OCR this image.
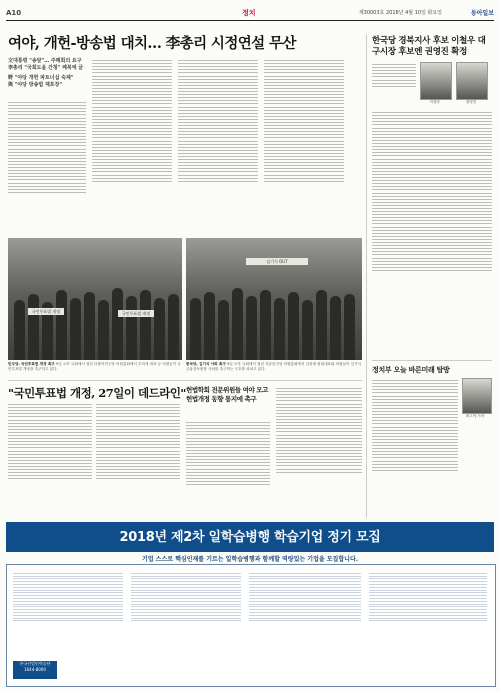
A10	정치	제30003호 2018년 4월 10일 화요일	동아일보
여야, 개헌-방송법 대치… 李총리 시정연설 무산
文대통령 "송달"… 주례회의 요구
李총리 "국회도움 간청" 페북에 글
野 "야당 개헌 파트너십 숙제"
與 "야당 방송법 재포장"
한국당 경북지사 후보 이철우 대구시장 후보엔 권영진 확정
이철우	권영진
정치부 오늘 바른미래 탐방
최고야 기자
국민투표법 개정	국민투표법 개정
김기식 OUT
민주당, 국민투표법 개정 촉구 9일 오후 국회에서 열린 더불어민주당 의원총회에서 추미애 대표 등 의원들이 국민투표법 개정을 촉구하고 있다.
한국당, 김기식 사퇴 촉구 9일 오후 국회에서 열린 자유한국당 의원총회에서 김성태 원내대표와 의원들이 김기식 금융감독원장 사퇴를 촉구하는 구호를 외치고 있다.
"국민투표법 개정, 27일이 데드라인" 헌법학회 전문위원들 여야 모고 헌법개정 동향 통지에 촉구
2018년 제2차 일학습병행 학습기업 정기 모집
기업 스스로 핵심인재를 기르는 일학습병행과 함께할 역량있는 기업을 모집합니다.
한국산업인력공단
1644-8000
